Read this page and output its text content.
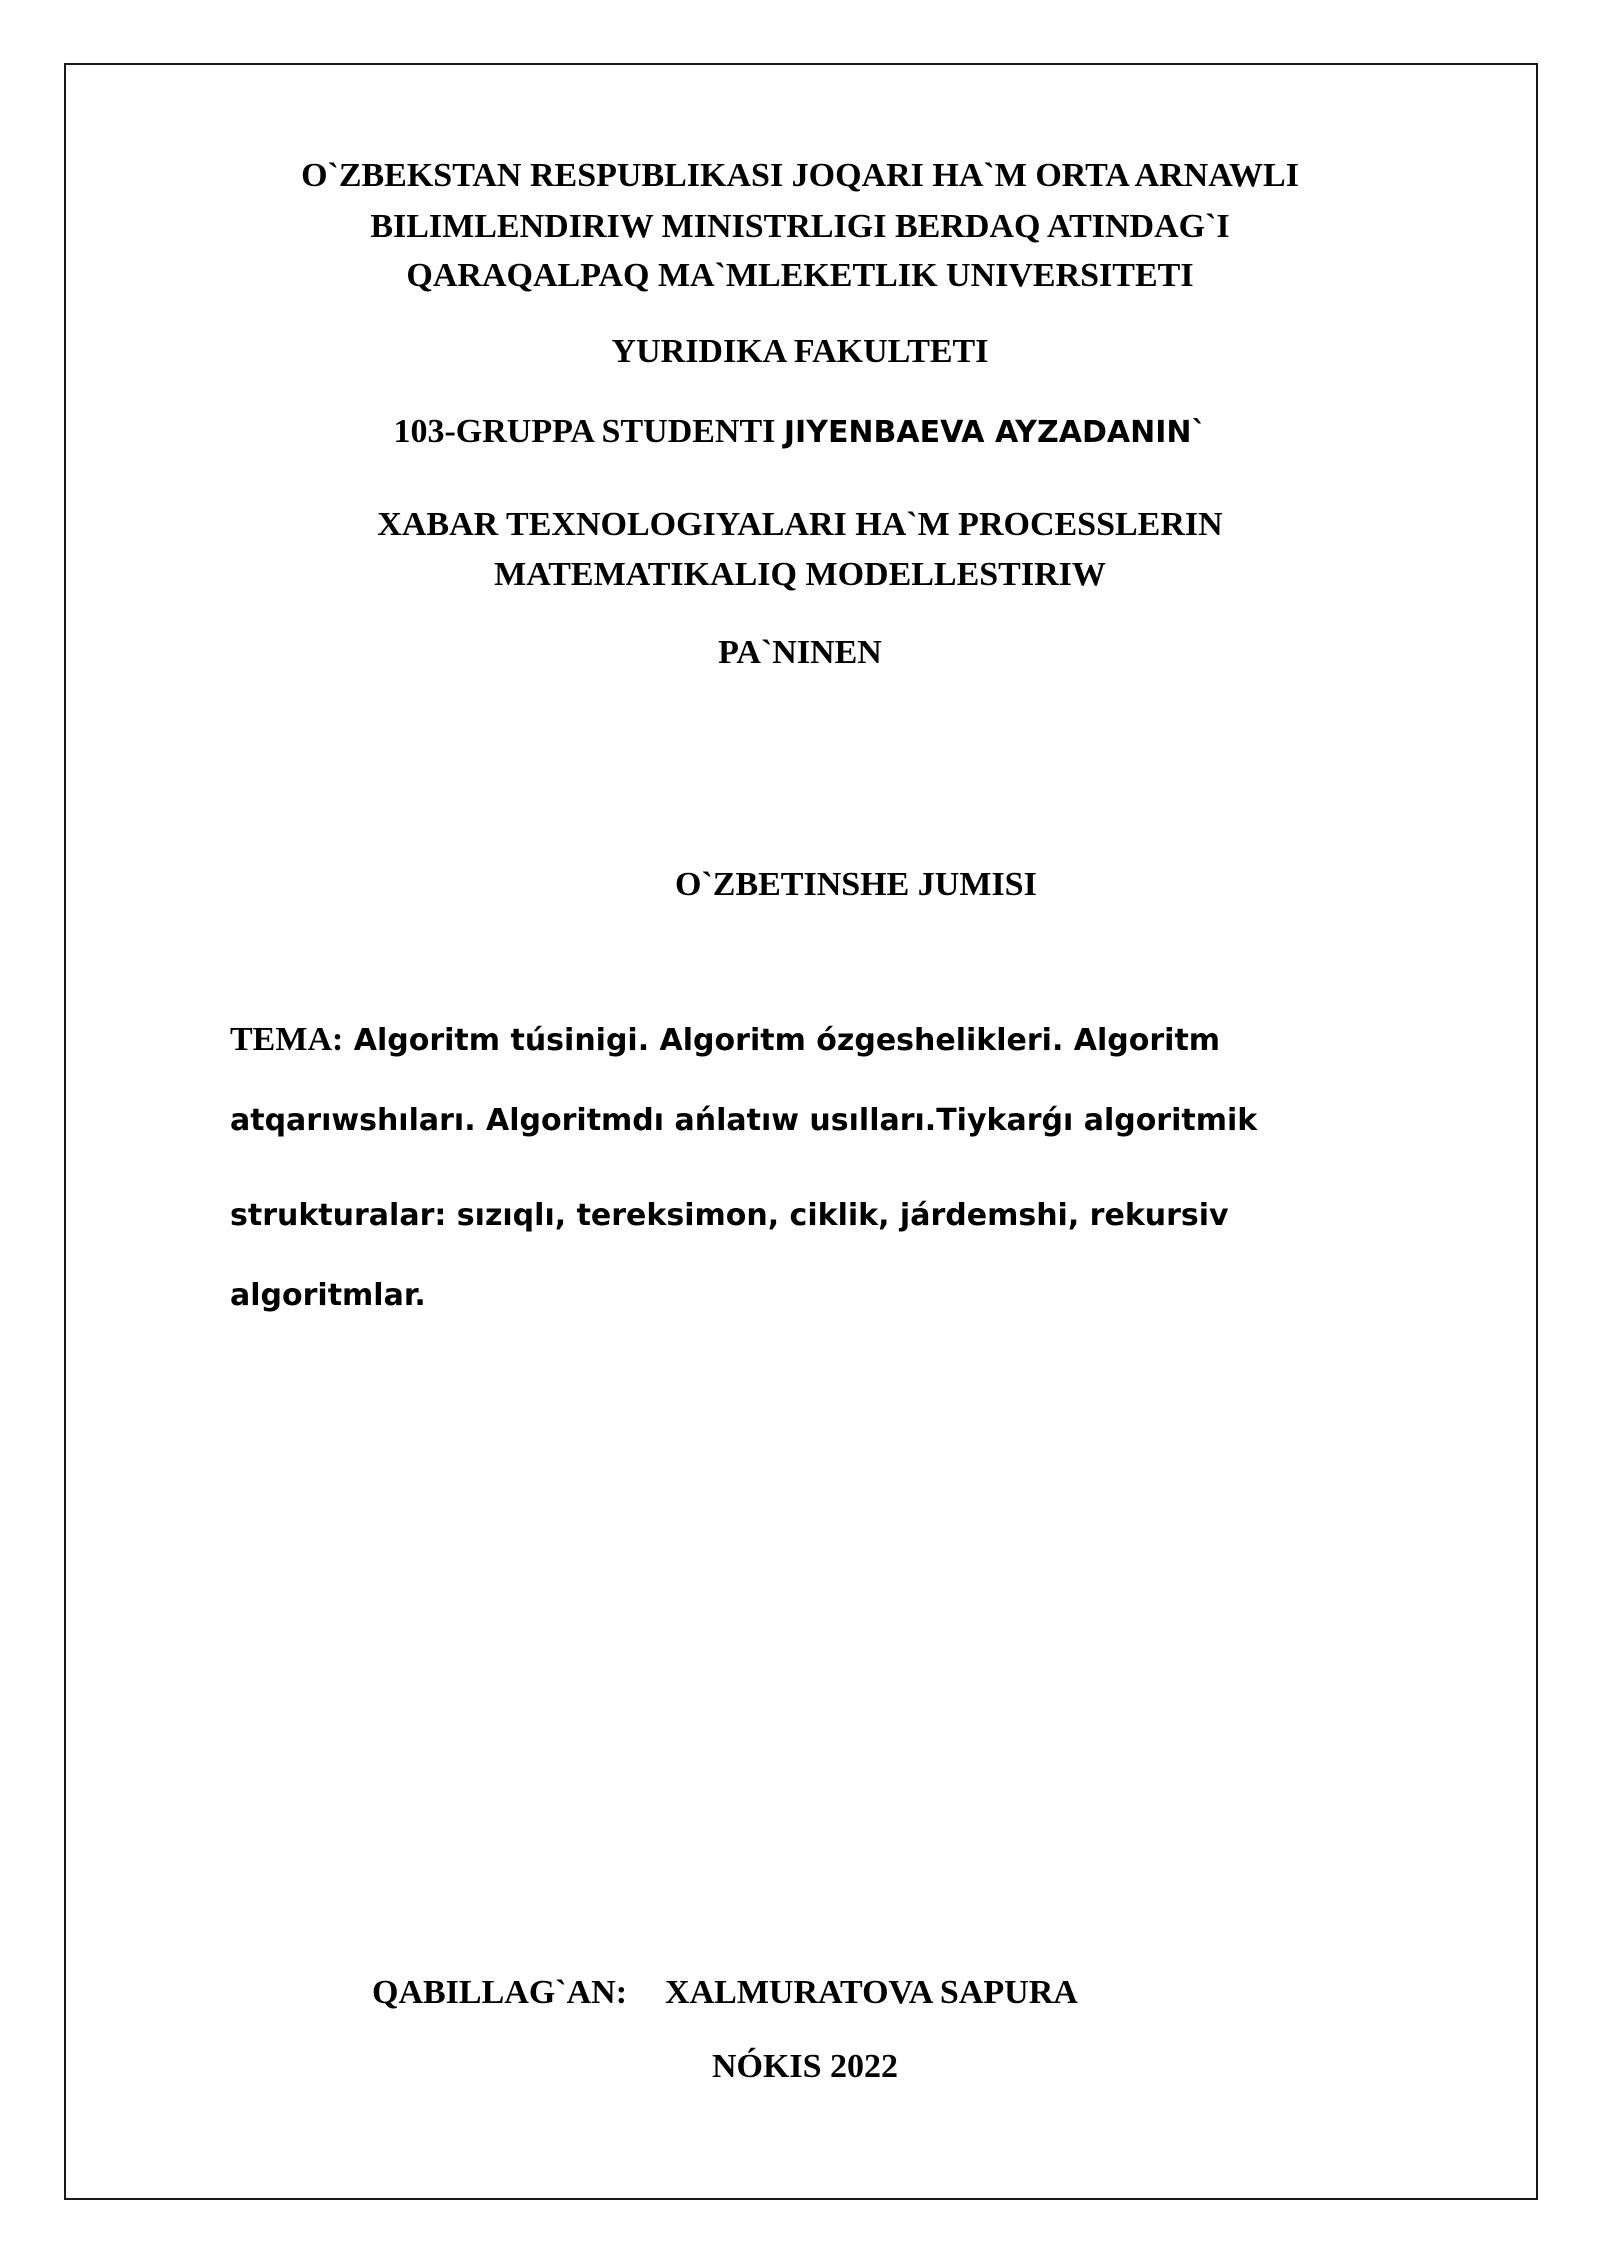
O`ZBEKSTAN RESPUBLIKASI JOQARI HA`M ORTA ARNAWLI
BILIMLENDIRIW MINISTRLIGI BERDAQ ATINDAG`I
QARAQALPAQ MA`MLEKETLIK UNIVERSITETI
YURIDIKA FAKULTETI
103-GRUPPA STUDENTI JIYENBAEVA AYZADANIN`
XABAR TEXNOLOGIYALARI HA`M PROCESSLERIN
MATEMATIKALIQ MODELLESTIRIW
PA`NINEN
O`ZBETINSHE JUMISI
TEMA: Algoritm túsinigi. Algoritm ózgeshelikleri. Algoritm
atqarıwshıları. Algoritmdı ańlatıw usılları.Tiykarǵı algoritmik
strukturalar: sızıqlı, tereksimon, ciklik, járdemshi, rekursiv
algoritmlar.
QABILLAG`AN: XALMURATOVA SAPURA
NÓKIS 2022
